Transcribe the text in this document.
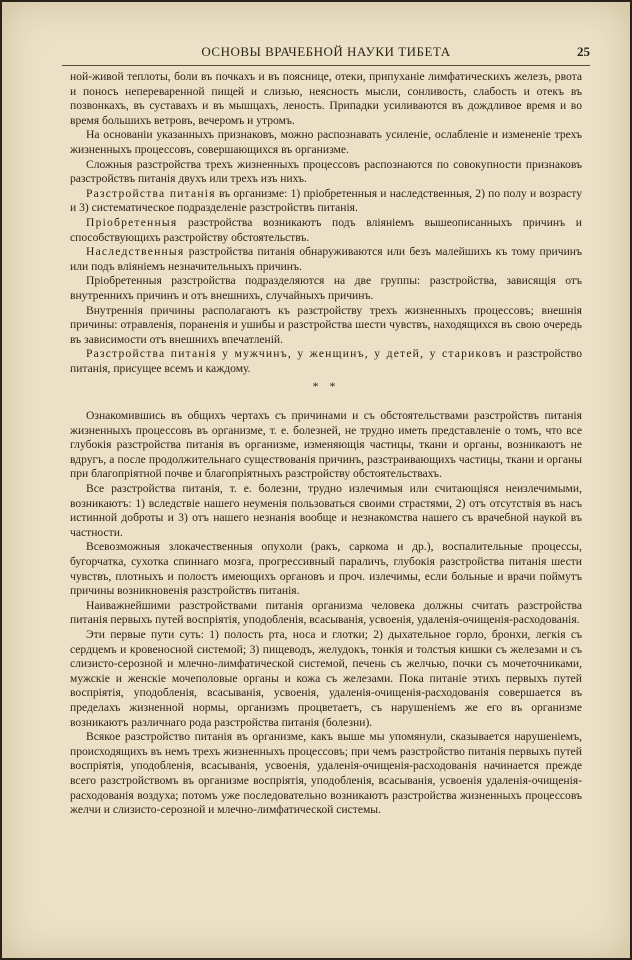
ОСНОВЫ ВРАЧЕБНОЙ НАУКИ ТИБЕТА	25

ной-живой теплоты, боли въ почкахъ и въ пояснице, отеки, припуханie лимфатическихъ железъ, рвота и поносъ непереваренной пищей и слизью, неясность мысли, сонливость, слабость и отекъ въ позвонкахъ, въ суставахъ и въ мышцахъ, леность. Припадки усиливаются въ дождливое время и во время большихъ ветровъ, вечеромъ и утромъ.

На основанiи указанныхъ признаковъ, можно распознавать усиленie, ослабленie и измененie трехъ жизненныхъ процессовъ, совершающихся въ организме.

Сложныя разстройства трехъ жизненныхъ процессовъ распознаются по совокупности признаковъ разстройствъ питанiя двухъ или трехъ изъ нихъ.

Разстройства питанiя въ организме: 1) прiобретенныя и наследственныя, 2) по полу и возрасту и 3) систематическое подразделенie разстройствъ питанiя.

Прiобретенныя разстройства возникаютъ подъ влiянiемъ вышеописанныхъ причинъ и способствующихъ разстройству обстоятельствъ.

Наследственныя разстройства питанiя обнаруживаются или безъ малейшихъ къ тому причинъ или подъ влiянiемъ незначительныхъ причинъ.

Прiобретенныя разстройства подразделяются на две группы: разстройства, зависящiя отъ внутреннихъ причинъ и отъ внешнихъ, случайныхъ причинъ.

Внутреннiя причины располагаютъ къ разстройству трехъ жизненныхъ процессовъ; внешнiя причины: отравленiя, пораненiя и ушибы и разстройства шести чувствъ, находящихся въ свою очередь въ зависимости отъ внешнихъ впечатленiй.

Разстройства питанiя у мужчинъ, у женщинъ, у детей, у стариковъ и разстройство питанiя, присущее всемъ и каждому.

* *

Ознакомившись въ общихъ чертахъ съ причинами и съ обстоятельствами разстройствъ питанiя жизненныхъ процессовъ въ организме, т. е. болезней, не трудно иметь представленie о томъ, что все глубокiя разстройства питанiя въ организме, изменяющiя частицы, ткани и органы, возникаютъ не вдругъ, а после продолжительнаго существованiя причинъ, разстраивающихъ частицы, ткани и органы при благопрiятной почве и благопрiятныхъ разстройству обстоятельствахъ.

Все разстройства питанiя, т. е. болезни, трудно излечимыя или считающiяся неизлечимыми, возникаютъ: 1) вследствie нашего неуменiя пользоваться своими страстями, 2) отъ отсутствiя въ насъ истинной доброты и 3) отъ нашего незнанiя вообще и незнакомства нашего съ врачебной наукой въ частности.

Всевозможныя злокачественныя опухоли (ракъ, саркома и др.), воспалительные процессы, бугорчатка, сухотка спиннаго мозга, прогрессивный параличъ, глубокiя разстройства питанiя шести чувствъ, плотныхъ и полостъ имеющихъ органовъ и проч. излечимы, если больные и врачи поймутъ причины возникновенiя разстройствъ питанiя.

Наиважнейшими разстройствами питанiя организма человека должны считать разстройства питанiя первыхъ путей воспрiятiя, уподобленiя, всасыванiя, усвоенiя, удаленiя-очищенiя-расходованiя.

Эти первые пути суть: 1) полость рта, носа и глотки; 2) дыхательное горло, бронхи, легкiя съ сердцемъ и кровеносной системой; 3) пищеводъ, желудокъ, тонкiя и толстыя кишки съ железами и съ слизисто-серозной и млечно-лимфатической системой, печень съ желчью, почки съ мочеточниками, мужскiе и женскiе мочеполовые органы и кожа съ железами. Пока питанie этихъ первыхъ путей воспрiятiя, уподобленiя, всасыванiя, усвоенiя, удаленiя-очищенiя-расходованiя совершается въ пределахъ жизненной нормы, организмъ процветаетъ, съ нарушенiемъ же его въ организме возникаютъ различнаго рода разстройства питанiя (болезни).

Всякое разстройство питанiя въ организме, какъ выше мы упомянули, сказывается нарушенiемъ, происходящихъ въ немъ трехъ жизненныхъ процессовъ; при чемъ разстройство питанiя первыхъ путей воспрiятiя, уподобленiя, всасыванiя, усвоенiя, удаленiя-очищенiя-расходованiя начинается прежде всего разстройствомъ въ организме воспрiятiя, уподобленiя, всасыванiя, усвоенiя удаленiя-очищенiя-расходованiя воздуха; потомъ уже последовательно возникаютъ разстройства жизненныхъ процессовъ желчи и слизисто-серозной и млечно-лимфатической системы.
